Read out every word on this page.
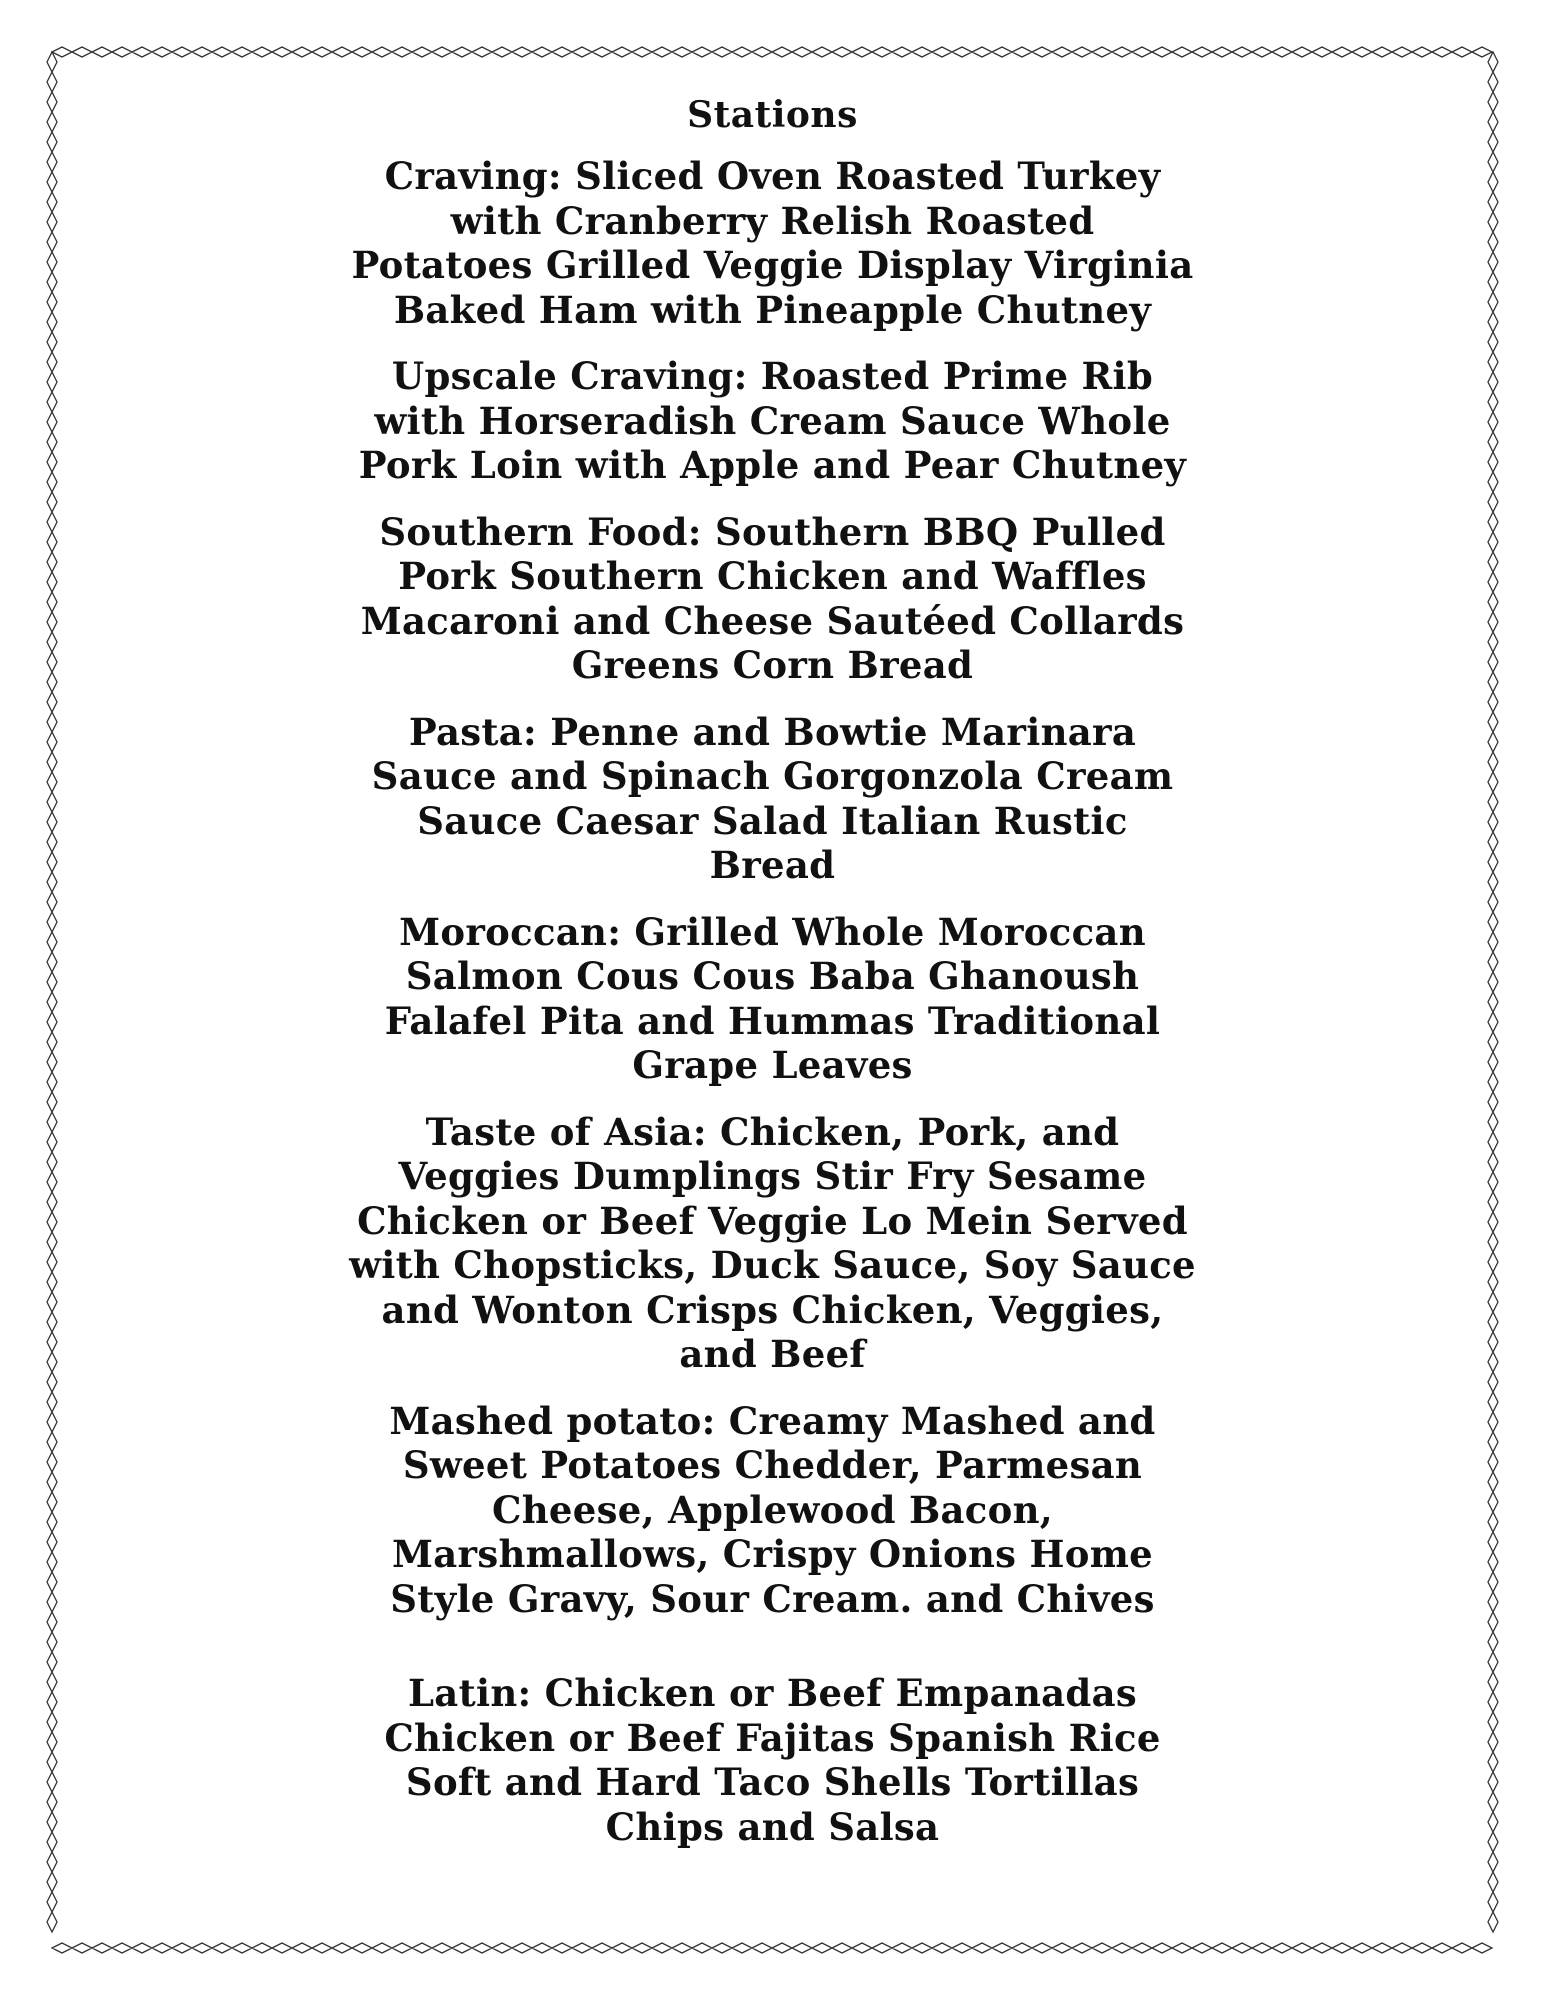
Stations
Craving: Sliced Oven Roasted Turkey
with Cranberry Relish Roasted
Potatoes Grilled Veggie Display Virginia
Baked Ham with Pineapple Chutney
Upscale Craving: Roasted Prime Rib
with Horseradish Cream Sauce Whole
Pork Loin with Apple and Pear Chutney
Southern Food: Southern BBQ Pulled
Pork Southern Chicken and Waffles
Macaroni and Cheese Sautéed Collards
Greens Corn Bread
Pasta: Penne and Bowtie Marinara
Sauce and Spinach Gorgonzola Cream
Sauce Caesar Salad Italian Rustic
Bread
Moroccan: Grilled Whole Moroccan
Salmon Cous Cous Baba Ghanoush
Falafel Pita and Hummas Traditional
Grape Leaves
Taste of Asia: Chicken, Pork, and
Veggies Dumplings Stir Fry Sesame
Chicken or Beef Veggie Lo Mein Served
with Chopsticks, Duck Sauce, Soy Sauce
and Wonton Crisps Chicken, Veggies,
and Beef
Mashed potato: Creamy Mashed and
Sweet Potatoes Chedder, Parmesan
Cheese, Applewood Bacon,
Marshmallows, Crispy Onions Home
Style Gravy, Sour Cream. and Chives
Latin: Chicken or Beef Empanadas
Chicken or Beef Fajitas Spanish Rice
Soft and Hard Taco Shells Tortillas
Chips and Salsa
